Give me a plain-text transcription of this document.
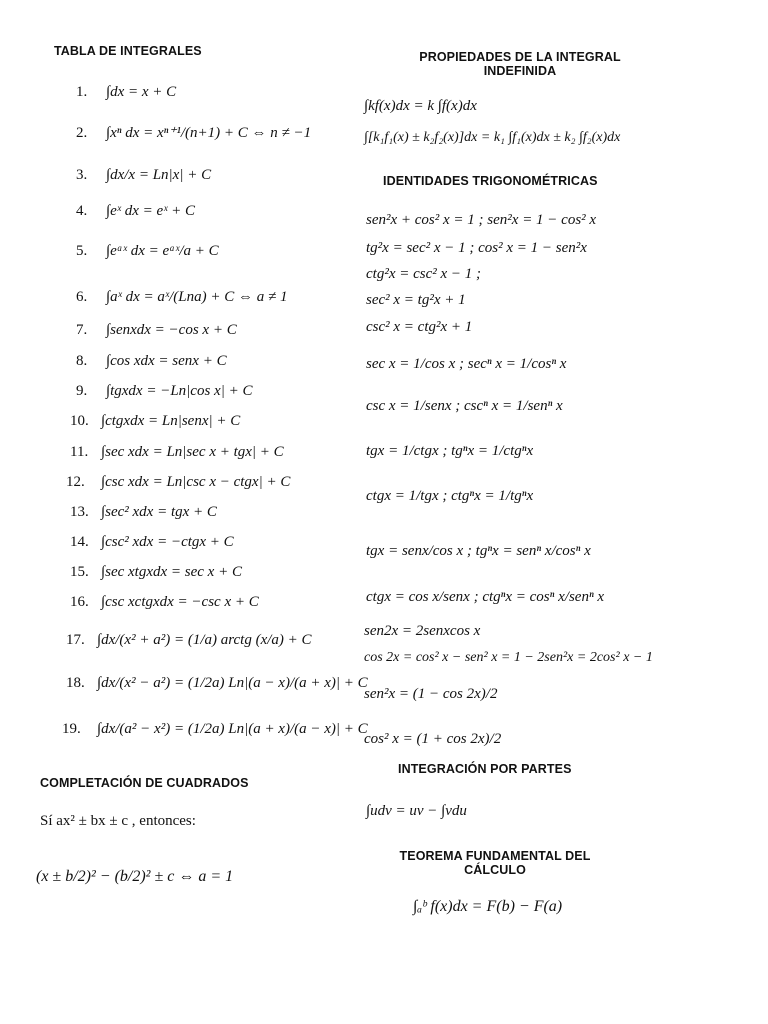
TABLA DE INTEGRALES
1. ∫dx = x + C
2. ∫xⁿ dx = xⁿ⁺¹/(n+1) + C ⇔ n ≠ −1
3. ∫dx/x = Ln|x| + C
4. ∫eˣ dx = eˣ + C
5. ∫eᵃˣ dx = eᵃˣ/a + C
6. ∫aˣ dx = aˣ/(Lna) + C ⇔ a ≠ 1
7. ∫senxdx = −cos x + C
8. ∫cos xdx = senx + C
9. ∫tgxdx = −Ln|cos x| + C
10. ∫ctgxdx = Ln|senx| + C
11. ∫sec xdx = Ln|sec x + tgx| + C
12. ∫csc xdx = Ln|csc x − ctgx| + C
13. ∫sec² xdx = tgx + C
14. ∫csc² xdx = −ctgx + C
15. ∫sec xtgxdx = sec x + C
16. ∫csc xctgxdx = −csc x + C
17. ∫dx/(x² + a²) = (1/a) arctg (x/a) + C
18. ∫dx/(x² − a²) = (1/2a) Ln|(a − x)/(a + x)| + C
19. ∫dx/(a² − x²) = (1/2a) Ln|(a + x)/(a − x)| + C
COMPLETACIÓN DE CUADRADOS
Sí ax² ± bx ± c , entonces:
(x ± b/2)² − (b/2)² ± c ⇔ a = 1
PROPIEDADES DE LA INTEGRAL
INDEFINIDA
∫kf(x)dx = k ∫f(x)dx
∫[k₁f₁(x) ± k₂f₂(x)]dx = k₁ ∫f₁(x)dx ± k₂ ∫f₂(x)dx
IDENTIDADES TRIGONOMÉTRICAS
sen²x + cos² x = 1 ; sen²x = 1 − cos² x
tg²x = sec² x − 1 ; cos² x = 1 − sen²x
ctg²x = csc² x − 1 ;
sec² x = tg²x + 1
csc² x = ctg²x + 1
sec x = 1/cos x ; secⁿ x = 1/cosⁿ x
csc x = 1/senx ; cscⁿ x = 1/senⁿ x
tgx = 1/ctgx ; tgⁿx = 1/ctgⁿx
ctgx = 1/tgx ; ctgⁿx = 1/tgⁿx
tgx = senx/cos x ; tgⁿx = senⁿ x/cosⁿ x
ctgx = cos x/senx ; ctgⁿx = cosⁿ x/senⁿ x
sen2x = 2senxcos x
cos 2x = cos² x − sen² x = 1 − 2sen²x = 2cos² x − 1
sen²x = (1 − cos 2x)/2
cos² x = (1 + cos 2x)/2
INTEGRACIÓN POR PARTES
∫udv = uv − ∫vdu
TEOREMA FUNDAMENTAL DEL
CÁLCULO
∫ₐᵇ f(x)dx = F(b) − F(a)
